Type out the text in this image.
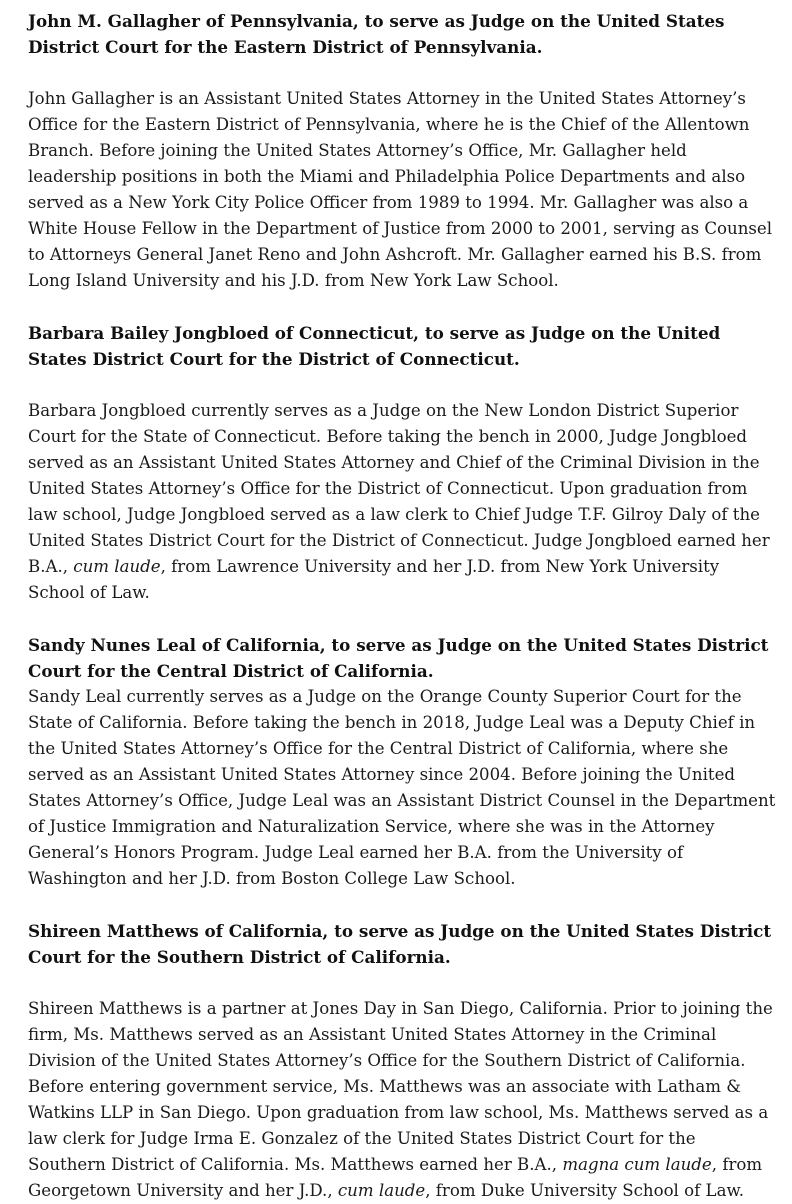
John M. Gallagher of Pennsylvania, to serve as Judge on the United States District Court for the Eastern District of Pennsylvania.

John Gallagher is an Assistant United States Attorney in the United States Attorney’s Office for the Eastern District of Pennsylvania, where he is the Chief of the Allentown Branch. Before joining the United States Attorney’s Office, Mr. Gallagher held leadership positions in both the Miami and Philadelphia Police Departments and also served as a New York City Police Officer from 1989 to 1994. Mr. Gallagher was also a White House Fellow in the Department of Justice from 2000 to 2001, serving as Counsel to Attorneys General Janet Reno and John Ashcroft. Mr. Gallagher earned his B.S. from Long Island University and his J.D. from New York Law School.

Barbara Bailey Jongbloed of Connecticut, to serve as Judge on the United States District Court for the District of Connecticut.

Barbara Jongbloed currently serves as a Judge on the New London District Superior Court for the State of Connecticut. Before taking the bench in 2000, Judge Jongbloed served as an Assistant United States Attorney and Chief of the Criminal Division in the United States Attorney’s Office for the District of Connecticut. Upon graduation from law school, Judge Jongbloed served as a law clerk to Chief Judge T.F. Gilroy Daly of the United States District Court for the District of Connecticut. Judge Jongbloed earned her B.A., cum laude, from Lawrence University and her J.D. from New York University School of Law.

Sandy Nunes Leal of California, to serve as Judge on the United States District Court for the Central District of California.

Sandy Leal currently serves as a Judge on the Orange County Superior Court for the State of California. Before taking the bench in 2018, Judge Leal was a Deputy Chief in the United States Attorney’s Office for the Central District of California, where she served as an Assistant United States Attorney since 2004. Before joining the United States Attorney’s Office, Judge Leal was an Assistant District Counsel in the Department of Justice Immigration and Naturalization Service, where she was in the Attorney General’s Honors Program. Judge Leal earned her B.A. from the University of Washington and her J.D. from Boston College Law School.

Shireen Matthews of California, to serve as Judge on the United States District Court for the Southern District of California.

Shireen Matthews is a partner at Jones Day in San Diego, California. Prior to joining the firm, Ms. Matthews served as an Assistant United States Attorney in the Criminal Division of the United States Attorney’s Office for the Southern District of California. Before entering government service, Ms. Matthews was an associate with Latham & Watkins LLP in San Diego. Upon graduation from law school, Ms. Matthews served as a law clerk for Judge Irma E. Gonzalez of the United States District Court for the Southern District of California. Ms. Matthews earned her B.A., magna cum laude, from Georgetown University and her J.D., cum laude, from Duke University School of Law.
